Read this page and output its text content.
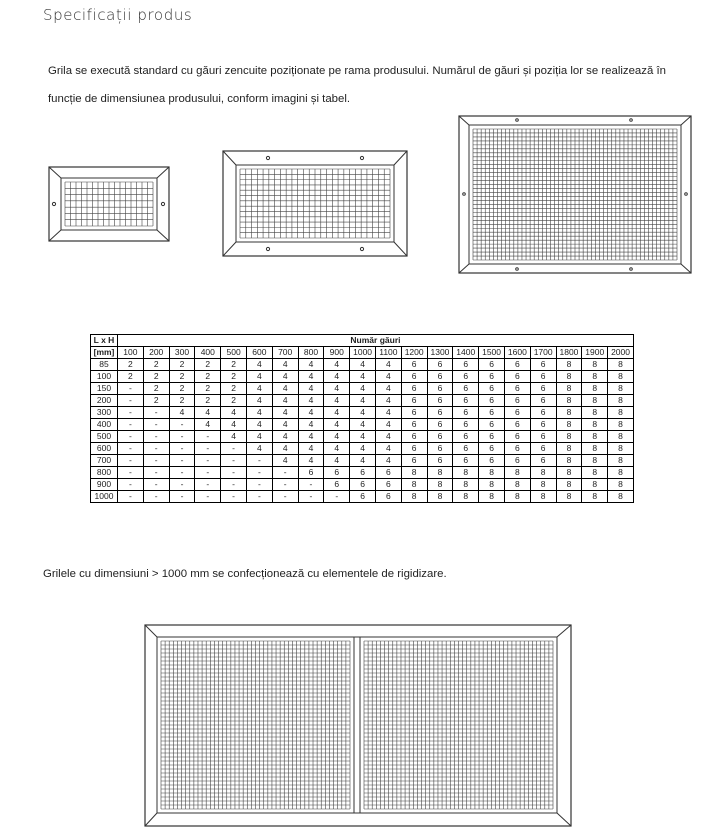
Specificații produs
Grila se execută standard cu găuri zencuite poziționate pe rama produsului. Numărul de găuri și poziția lor se realizează în funcție de dimensiunea produsului, conform imagini și tabel.
L x H	Număr găuri																			
[mm]	100	200	300	400	500	600	700	800	900	1000	1100	1200	1300	1400	1500	1600	1700	1800	1900	2000
85	2	2	2	2	2	4	4	4	4	4	4	6	6	6	6	6	6	8	8	8
100	2	2	2	2	2	4	4	4	4	4	4	6	6	6	6	6	6	8	8	8
150	-	2	2	2	2	4	4	4	4	4	4	6	6	6	6	6	6	8	8	8
200	-	2	2	2	2	4	4	4	4	4	4	6	6	6	6	6	6	8	8	8
300	-	-	4	4	4	4	4	4	4	4	4	6	6	6	6	6	6	8	8	8
400	-	-	-	4	4	4	4	4	4	4	4	6	6	6	6	6	6	8	8	8
500	-	-	-	-	4	4	4	4	4	4	4	6	6	6	6	6	6	8	8	8
600	-	-	-	-	-	4	4	4	4	4	4	6	6	6	6	6	6	8	8	8
700	-	-	-	-	-	-	4	4	4	4	4	6	6	6	6	6	6	8	8	8
800	-	-	-	-	-	-	-	6	6	6	6	8	8	8	8	8	8	8	8	8
900	-	-	-	-	-	-	-	-	6	6	6	8	8	8	8	8	8	8	8	8
1000	-	-	-	-	-	-	-	-	-	6	6	8	8	8	8	8	8	8	8	8
Grilele cu dimensiuni > 1000 mm se confecționează cu elementele de rigidizare.
